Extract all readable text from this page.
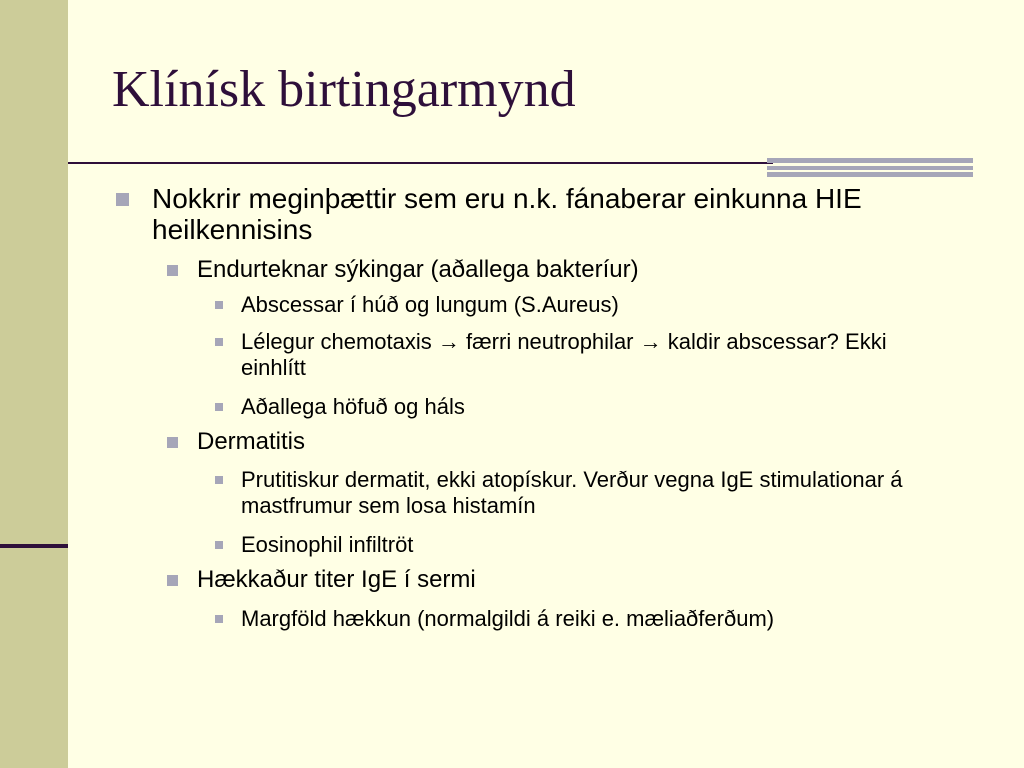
Klínísk birtingarmynd
Nokkrir meginþættir sem eru n.k. fánaberar einkunna HIE heilkennisins
Endurteknar sýkingar (aðallega bakteríur)
Abscessar í húð og lungum (S.Aureus)
Lélegur chemotaxis → færri neutrophilar → kaldir abscessar? Ekki einhlítt
Aðallega höfuð og háls
Dermatitis
Prutitiskur dermatit, ekki atopískur. Verður vegna IgE stimulationar á mastfrumur sem losa histamín
Eosinophil infiltröt
Hækkaður titer IgE í sermi
Margföld hækkun (normalgildi á reiki e. mæliaðferðum)
